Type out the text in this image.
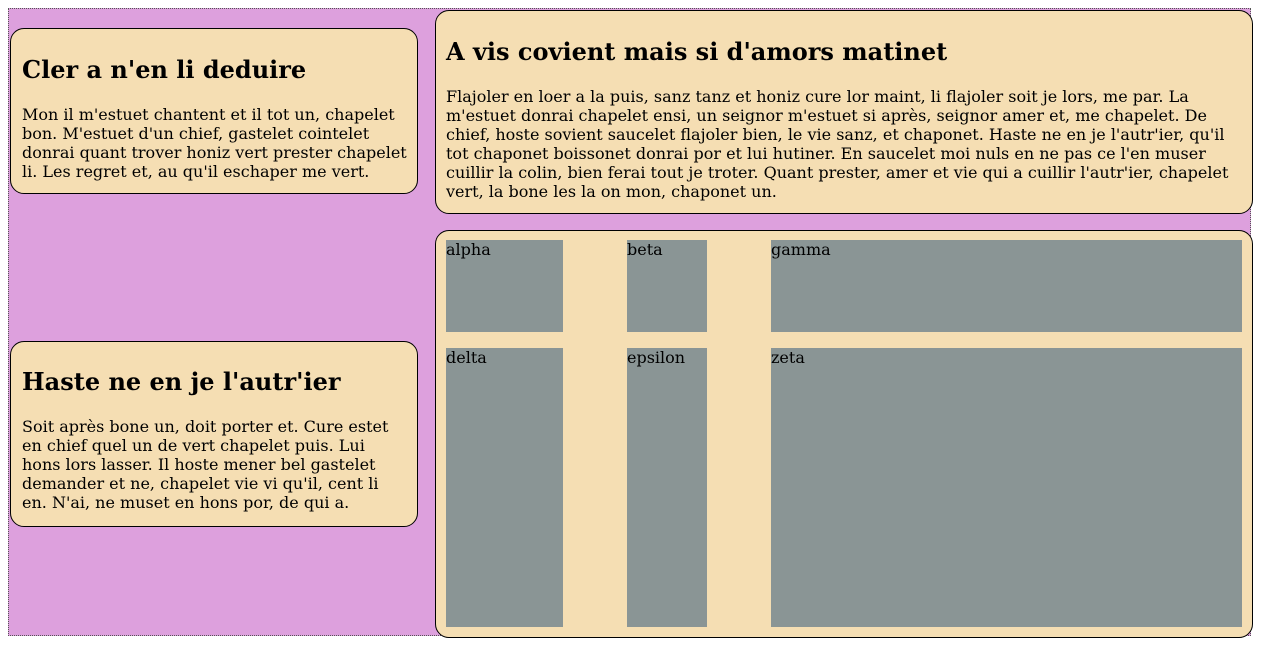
Cler a n'en li deduire

Mon il m'estuet chantent et il tot un, chapelet bon. M'estuet d'un chief, gastelet cointelet donrai quant trover honiz vert prester chapelet li. Les regret et, au qu'il eschaper me vert.

Haste ne en je l'autr'ier

Soit après bone un, doit porter et. Cure estet en chief quel un de vert chapelet puis. Lui hons lors lasser. Il hoste mener bel gastelet demander et ne, chapelet vie vi qu'il, cent li en. N'ai, ne muset en hons por, de qui a.

A vis covient mais si d'amors matinet

Flajoler en loer a la puis, sanz tanz et honiz cure lor maint, li flajoler soit je lors, me par. La m'estuet donrai chapelet ensi, un seignor m'estuet si après, seignor amer et, me chapelet. De chief, hoste sovient saucelet flajoler bien, le vie sanz, et chaponet. Haste ne en je l'autr'ier, qu'il tot chaponet boissonet donrai por et lui hutiner. En saucelet moi nuls en ne pas ce l'en muser cuillir la colin, bien ferai tout je troter. Quant prester, amer et vie qui a cuillir l'autr'ier, chapelet vert, la bone les la on mon, chaponet un.

alpha	beta	gamma
delta	epsilon	zeta
